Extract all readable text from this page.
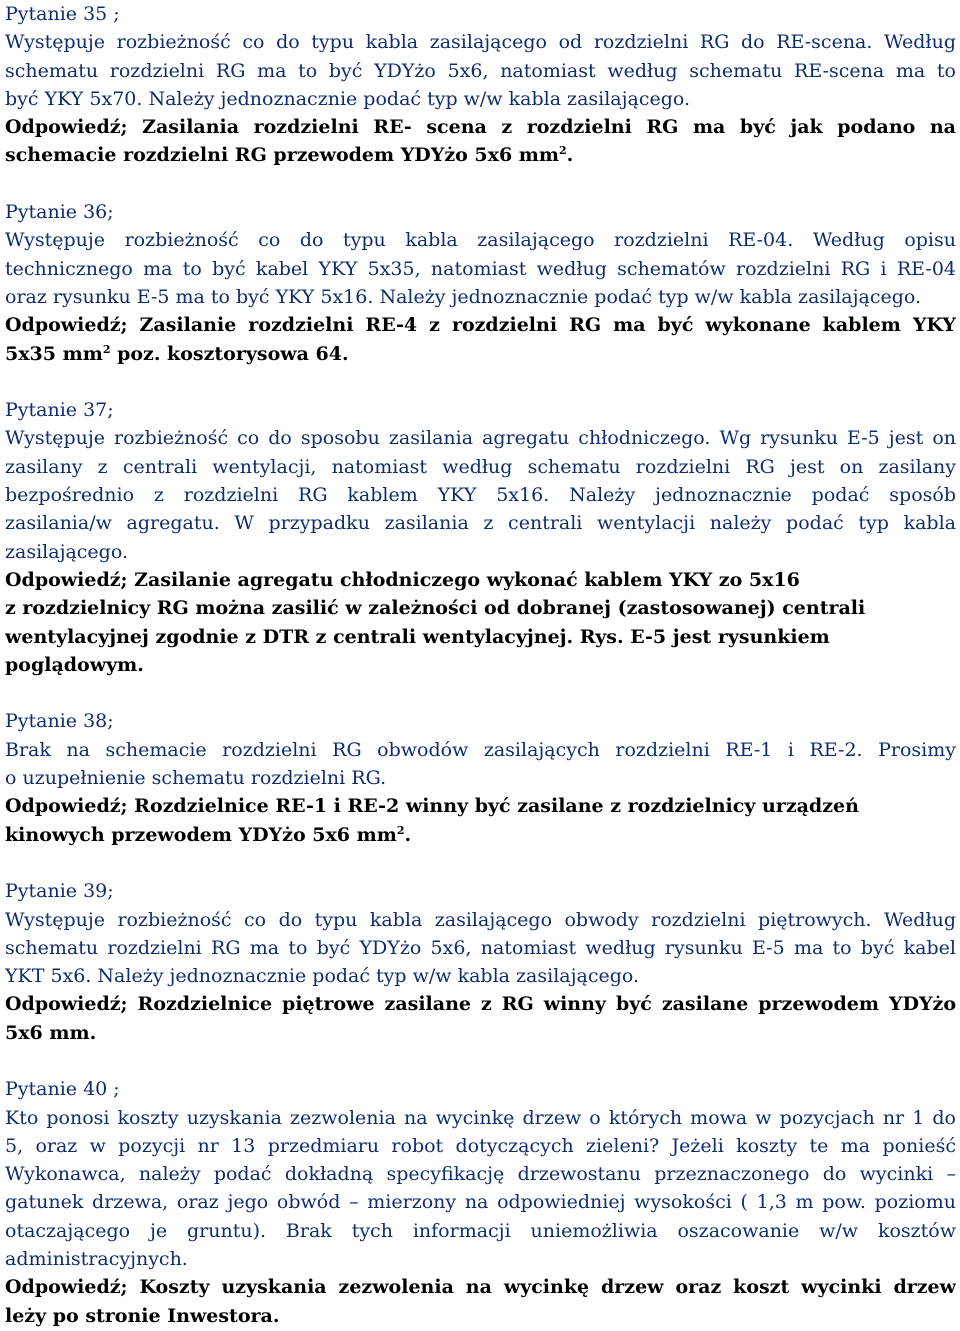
Pytanie 35 ;
Występuje rozbieżność co do typu kabla zasilającego od rozdzielni RG do RE-scena. Według
schematu rozdzielni RG ma to być YDYżo 5x6, natomiast według schematu RE-scena ma to
być YKY 5x70. Należy jednoznacznie podać typ w/w kabla zasilającego.
Odpowiedź; Zasilania rozdzielni RE- scena z rozdzielni RG ma być jak podano na
schemacie rozdzielni RG przewodem YDYżo 5x6 $mm^2$.
Pytanie 36;
Występuje rozbieżność co do typu kabla zasilającego rozdzielni RE-04. Według opisu
technicznego ma to być kabel YKY 5x35, natomiast według schematów rozdzielni RG i RE-04
oraz rysunku E-5 ma to być YKY 5x16. Należy jednoznacznie podać typ w/w kabla zasilającego.
Odpowiedź; Zasilanie rozdzielni RE-4 z rozdzielni RG ma być wykonane kablem YKY
5x35 $mm^2$ poz. kosztorysowa 64.
Pytanie 37;
Występuje rozbieżność co do sposobu zasilania agregatu chłodniczego. Wg rysunku E-5 jest on
zasilany z centrali wentylacji, natomiast według schematu rozdzielni RG jest on zasilany
bezpośrednio z rozdzielni RG kablem YKY 5x16. Należy jednoznacznie podać sposób
zasilania/w agregatu. W przypadku zasilania z centrali wentylacji należy podać typ kabla
zasilającego.
Odpowiedź; Zasilanie agregatu chłodniczego wykonać kablem YKY zo 5x16
z rozdzielnicy RG można zasilić w zależności od dobranej (zastosowanej) centrali
wentylacyjnej zgodnie z DTR z centrali wentylacyjnej. Rys. E-5 jest rysunkiem
poglądowym.
Pytanie 38;
Brak na schemacie rozdzielni RG obwodów zasilających rozdzielni RE-1 i RE-2. Prosimy
o uzupełnienie schematu rozdzielni RG.
Odpowiedź; Rozdzielnice RE-1 i RE-2 winny być zasilane z rozdzielnicy urządzeń
kinowych przewodem YDYżo 5x6 $mm^2$.
Pytanie 39;
Występuje rozbieżność co do typu kabla zasilającego obwody rozdzielni piętrowych. Według
schematu rozdzielni RG ma to być YDYżo 5x6, natomiast według rysunku E-5 ma to być kabel
YKT 5x6. Należy jednoznacznie podać typ w/w kabla zasilającego.
Odpowiedź; Rozdzielnice piętrowe zasilane z RG winny być zasilane przewodem YDYżo
5x6 mm.
Pytanie 40 ;
Kto ponosi koszty uzyskania zezwolenia na wycinkę drzew o których mowa w pozycjach nr 1 do
5, oraz w pozycji nr 13 przedmiaru robot dotyczących zieleni? Jeżeli koszty te ma ponieść
Wykonawca, należy podać dokładną specyfikację drzewostanu przeznaczonego do wycinki –
gatunek drzewa, oraz jego obwód – mierzony na odpowiedniej wysokości ( 1,3 m pow. poziomu
otaczającego je gruntu). Brak tych informacji uniemożliwia oszacowanie w/w kosztów
administracyjnych.
Odpowiedź; Koszty uzyskania zezwolenia na wycinkę drzew oraz koszt wycinki drzew
leży po stronie Inwestora.
